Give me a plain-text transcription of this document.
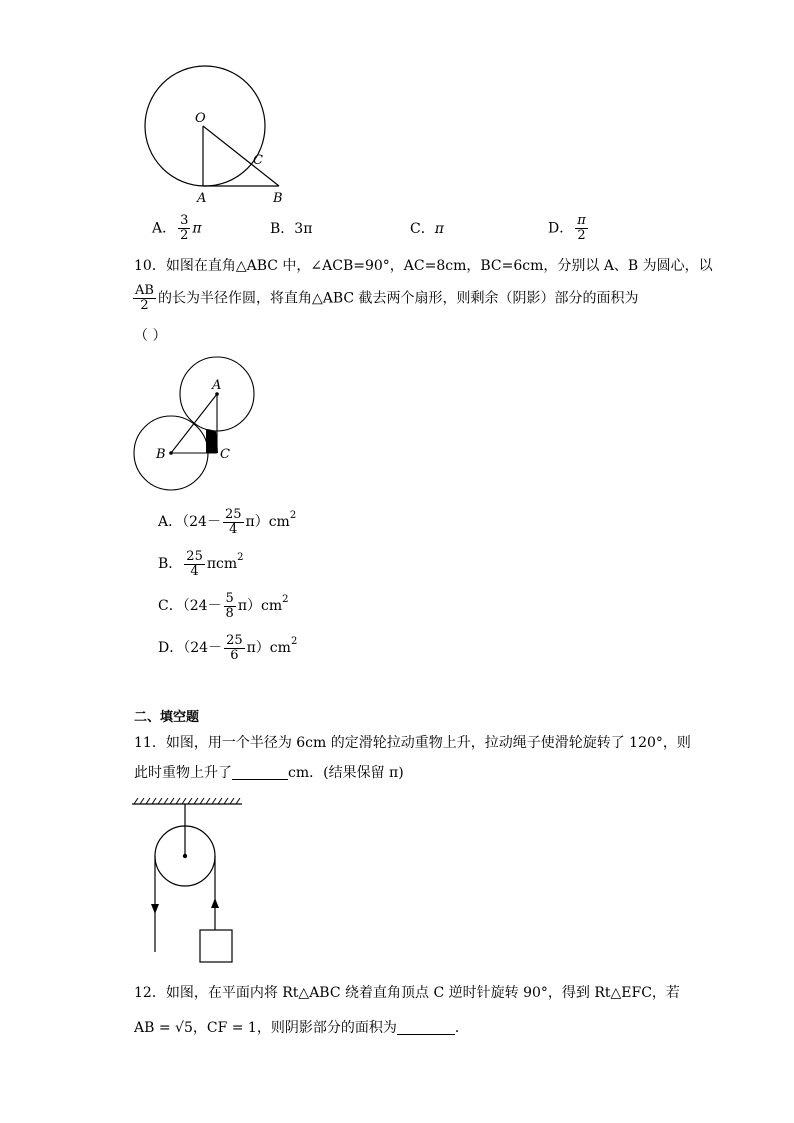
O
A	B
C
A． $\frac{3}{2}$ π	B．3π	C．π	D． $\frac{\pi}{2}$
10．如图在直角△ABC 中，∠ACB=90°，AC=8cm，BC=6cm，分别以 A、B 为圆心，以
$\frac{AB}{2}$ 的长为半径作圆，将直角△ABC 截去两个扇形，则剩余（阴影）部分的面积为
（ ）
A
B	C
A．$(24- \frac{25}{4} \pi)cm^2$
B． $\frac{25}{4} \pi cm^2$
C．$(24- \frac{5}{8} \pi)cm^2$
D．$(24- \frac{25}{6} \pi)cm^2$
二、填空题
11．如图，用一个半径为 6cm 的定滑轮拉动重物上升，拉动绳子使滑轮旋转了 120°，则
此时重物上升了	cm．(结果保留 π)
12．如图，在平面内将 Rt△ABC 绕着直角顶点 C 逆时针旋转 90°，得到 Rt△EFC，若
AB = √5，CF = 1，则阴影部分的面积为	．
